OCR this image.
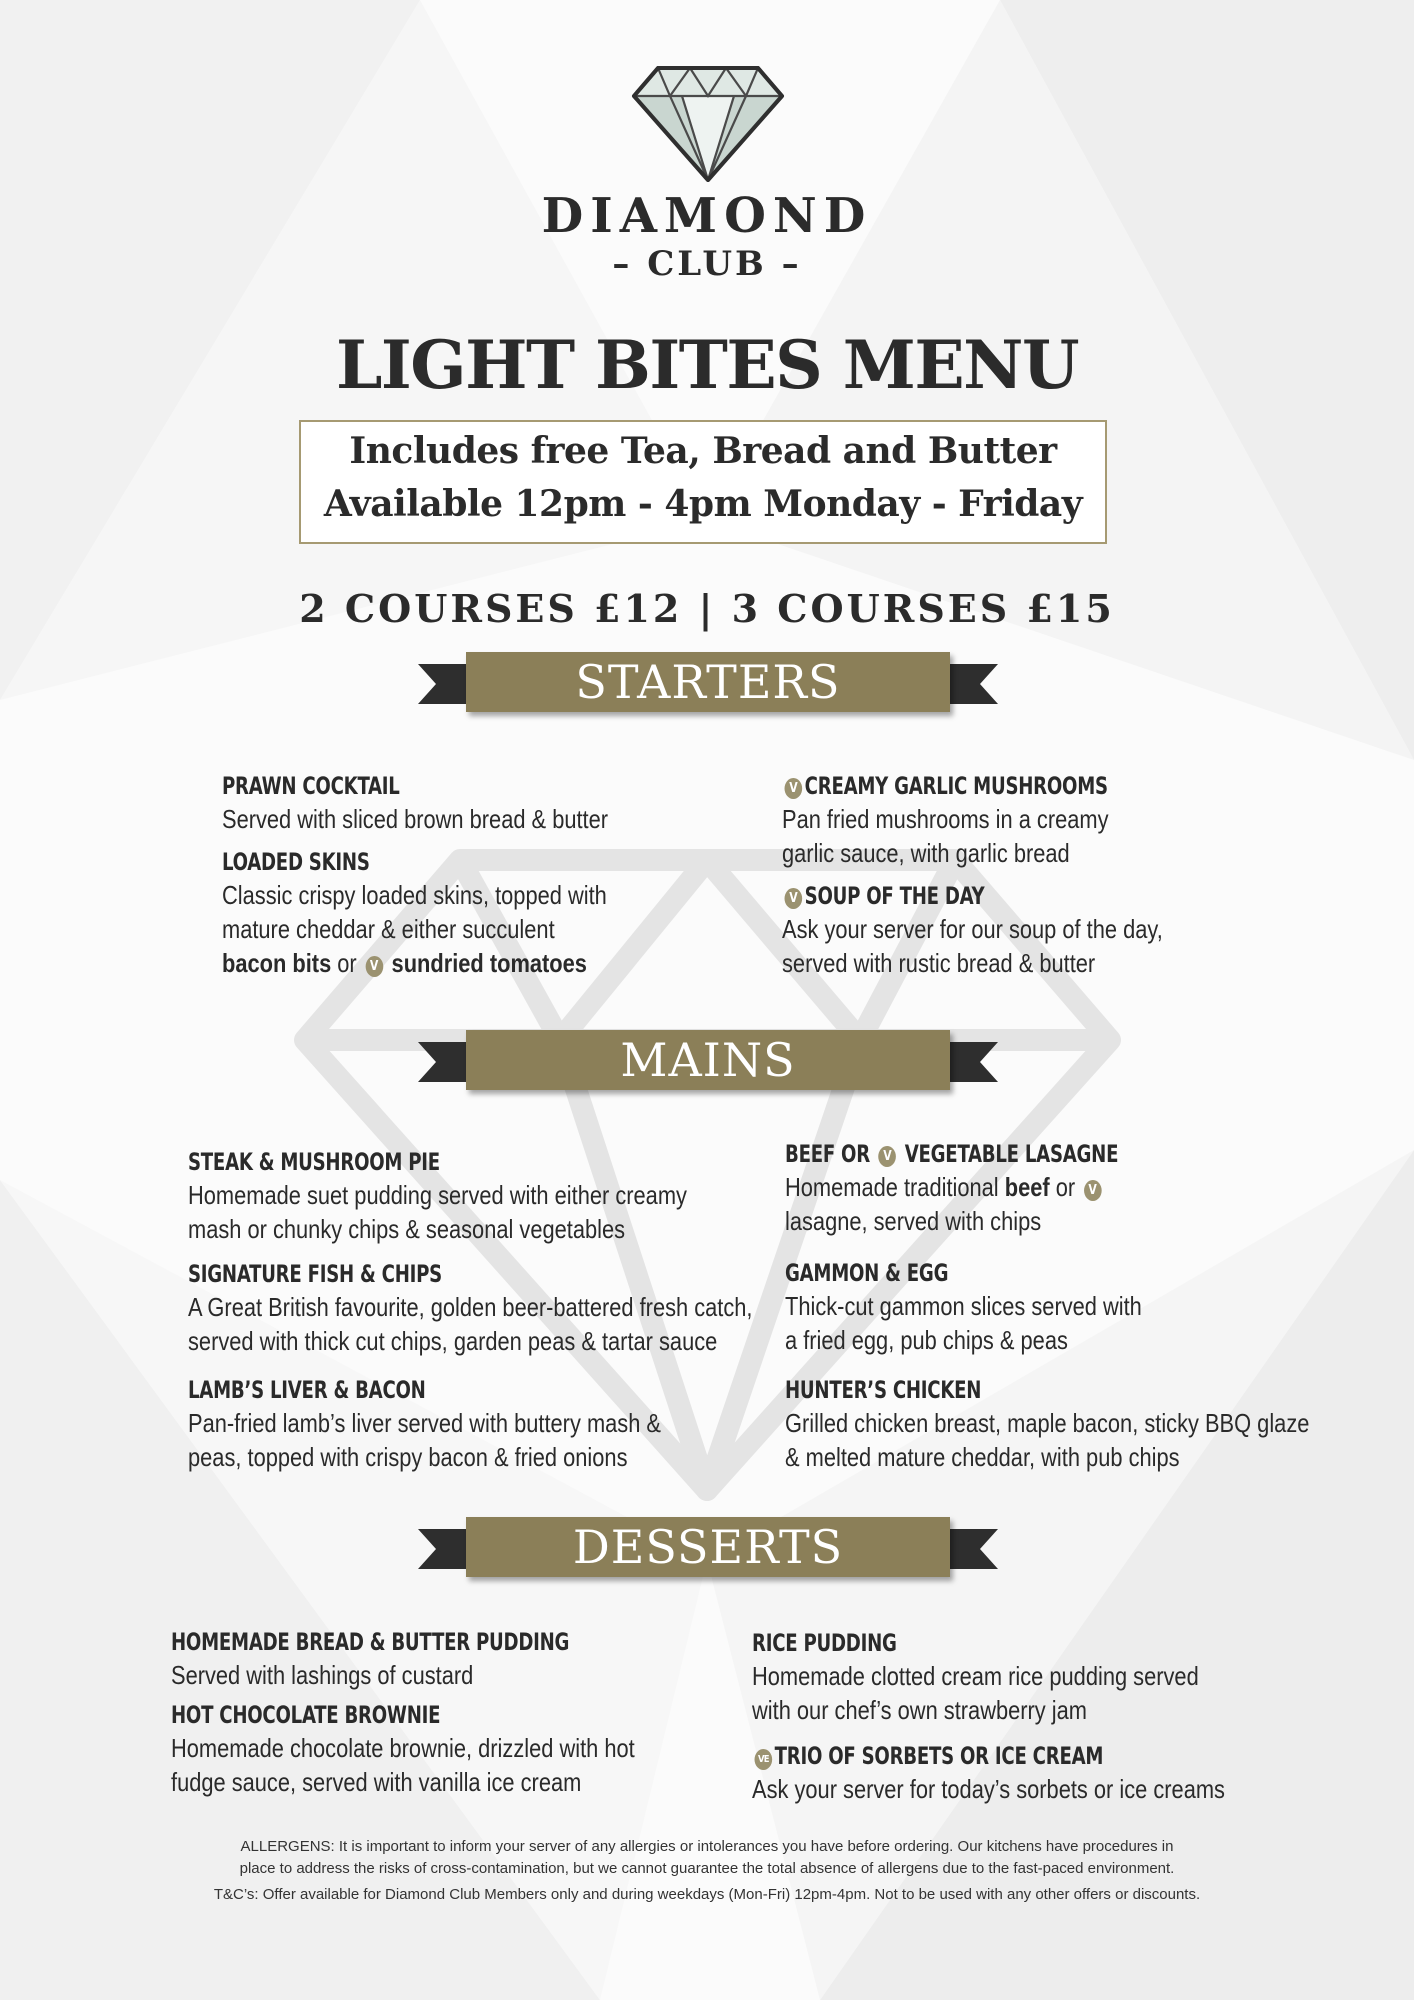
DIAMOND
– CLUB –
LIGHT BITES MENU
Includes free Tea, Bread and Butter
Available 12pm - 4pm Monday - Friday
2 COURSES £12 | 3 COURSES £15
STARTERS
PRAWN COCKTAIL
Served with sliced brown bread & butter
LOADED SKINS
Classic crispy loaded skins, topped with
mature cheddar & either succulent
bacon bits or V sundried tomatoes
V CREAMY GARLIC MUSHROOMS
Pan fried mushrooms in a creamy
garlic sauce, with garlic bread
V SOUP OF THE DAY
Ask your server for our soup of the day,
served with rustic bread & butter
MAINS
STEAK & MUSHROOM PIE
Homemade suet pudding served with either creamy
mash or chunky chips & seasonal vegetables
SIGNATURE FISH & CHIPS
A Great British favourite, golden beer-battered fresh catch,
served with thick cut chips, garden peas & tartar sauce
LAMB’S LIVER & BACON
Pan-fried lamb’s liver served with buttery mash &
peas, topped with crispy bacon & fried onions
BEEF OR V VEGETABLE LASAGNE
Homemade traditional beef or V
lasagne, served with chips
GAMMON & EGG
Thick-cut gammon slices served with
a fried egg, pub chips & peas
HUNTER’S CHICKEN
Grilled chicken breast, maple bacon, sticky BBQ glaze
& melted mature cheddar, with pub chips
DESSERTS
HOMEMADE BREAD & BUTTER PUDDING
Served with lashings of custard
HOT CHOCOLATE BROWNIE
Homemade chocolate brownie, drizzled with hot
fudge sauce, served with vanilla ice cream
RICE PUDDING
Homemade clotted cream rice pudding served
with our chef’s own strawberry jam
VE TRIO OF SORBETS OR ICE CREAM
Ask your server for today’s sorbets or ice creams
ALLERGENS: It is important to inform your server of any allergies or intolerances you have before ordering. Our kitchens have procedures in
place to address the risks of cross-contamination, but we cannot guarantee the total absence of allergens due to the fast-paced environment.
T&C’s: Offer available for Diamond Club Members only and during weekdays (Mon-Fri) 12pm-4pm. Not to be used with any other offers or discounts.
